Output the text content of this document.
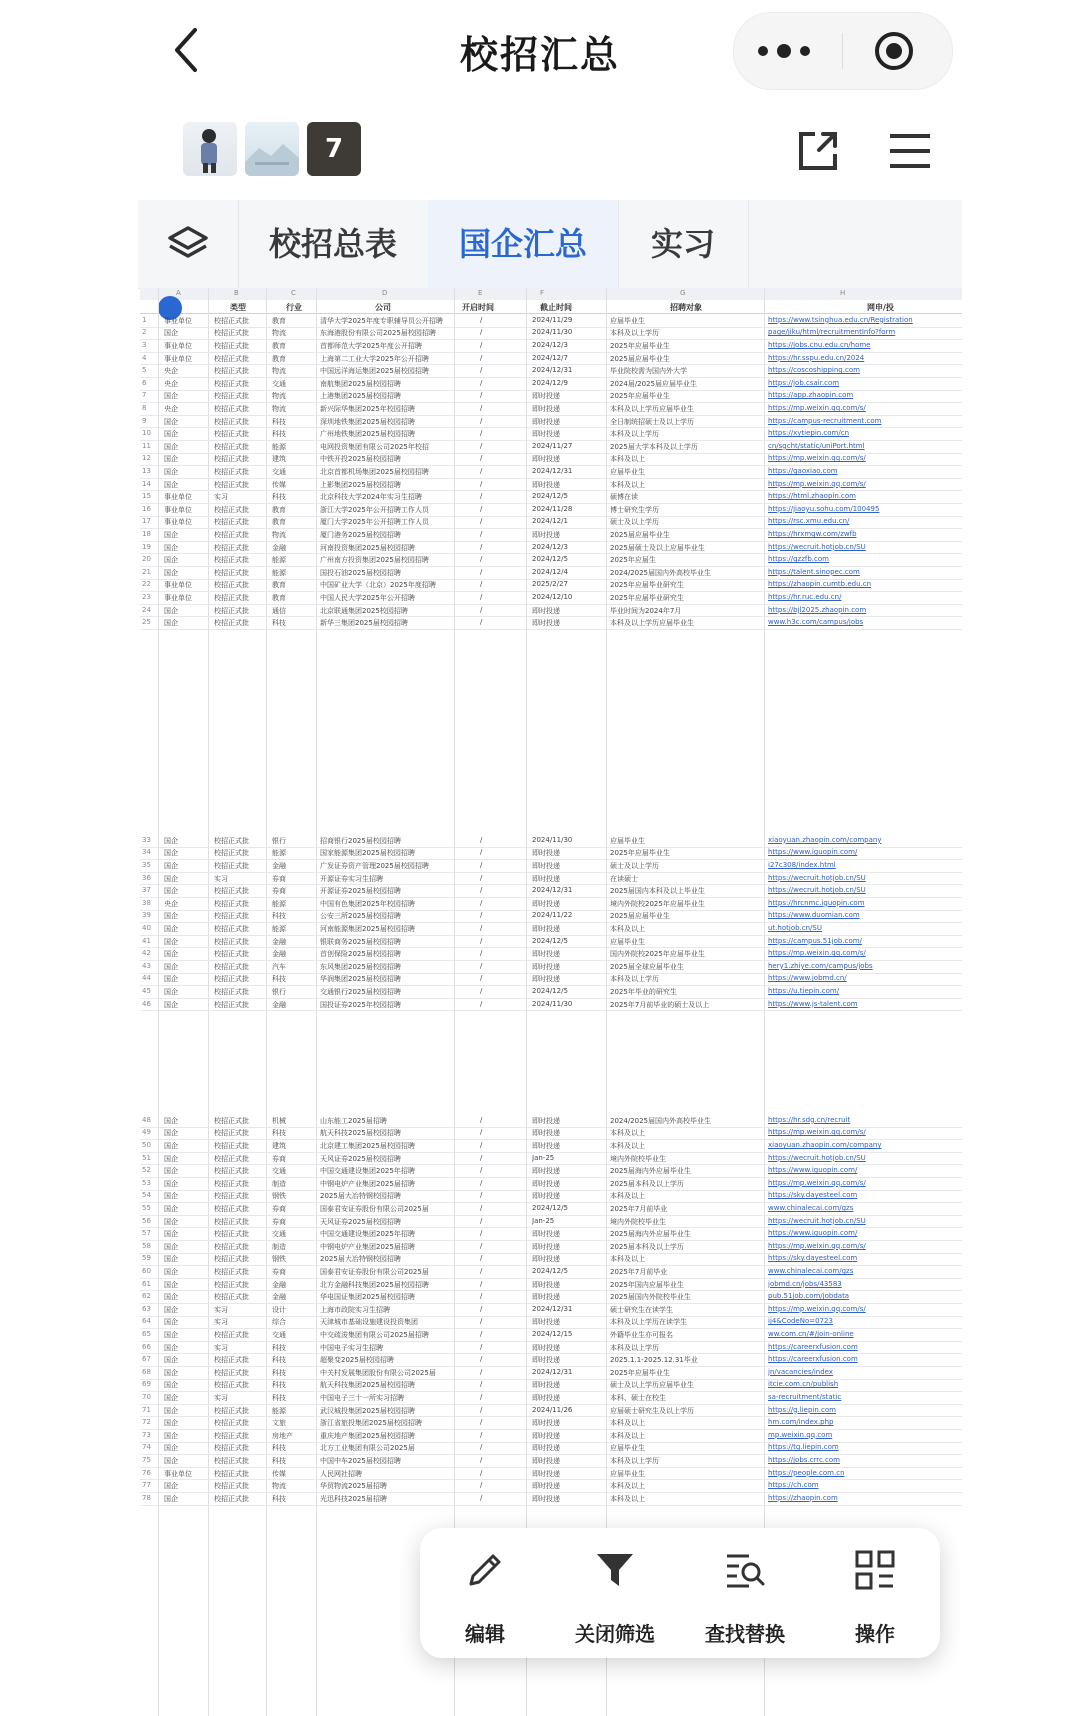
校招汇总
7
校招总表	国企汇总	实习
A	B	C	D	E	F	G	H
类型	行业	公司	开启时间	截止时间	招聘对象	网申/投
1	事业单位	校招正式批	教育	清华大学2025年度专职辅导员公开招聘	/	2024/11/29	应届毕业生	https://www.tsinghua.edu.cn/Registration
2	国企	校招正式批	物流	东海港股份有限公司2025届校园招聘	/	2024/11/30	本科及以上学历	page/jiku/html/recruitmentInfo?form
3	事业单位	校招正式批	教育	首都师范大学2025年度公开招聘	/	2024/12/3	2025年应届毕业生	https://jobs.cnu.edu.cn/home
4	事业单位	校招正式批	教育	上海第二工业大学2025年公开招聘	/	2024/12/7	2025届应届毕业生	https://hr.sspu.edu.cn/2024
5	央企	校招正式批	物流	中国远洋海运集团2025届校园招聘	/	2024/12/31	毕业院校需为国内外大学	https://coscoshipping.com
6	央企	校招正式批	交通	南航集团2025届校园招聘	/	2024/12/9	2024届/2025届应届毕业生	https://job.csair.com
7	国企	校招正式批	物流	上港集团2025届校园招聘	/	即时投递	2025年应届毕业生	https://app.zhaopin.com
8	央企	校招正式批	物流	新兴际华集团2025年校园招聘	/	即时投递	本科及以上学历应届毕业生	https://mp.weixin.qq.com/s/
9	国企	校招正式批	科技	深圳地铁集团2025届校园招聘	/	即时投递	全日制统招硕士及以上学历	https://campus-recruitment.com
10 国企	校招正式批	科技	广州地铁集团2025届校园招聘	/	即时投递	本科及以上学历	https://xytiepin.com/cn
11 国企	校招正式批	能源	电网投资集团有限公司2025年校招	/	2024/11/27	2025届大学本科及以上学历	cn/sgcht/static/uniPort.html
12 国企	校招正式批	建筑	中铁开投2025届校园招聘	/	即时投递	本科及以上	https://mp.weixin.qq.com/s/
13 国企	校招正式批	交通	北京首都机场集团2025届校园招聘	/	2024/12/31	应届毕业生	https://gaoxiao.com
14 国企	校招正式批	传媒	上影集团2025届校园招聘	/	即时投递	本科及以上	https://mp.weixin.qq.com/s/
15 事业单位	实习	科技	北京科技大学2024年实习生招聘	/	2024/12/5	硕博在读	https://html.zhaopin.com
16 事业单位	校招正式批	教育	浙江大学2025年公开招聘工作人员	/	2024/11/28	博士研究生学历	https://jiaoyu.sohu.com/100495
17 事业单位	校招正式批	教育	厦门大学2025年公开招聘工作人员	/	2024/12/1	硕士及以上学历	https://rsc.xmu.edu.cn/
18 国企	校招正式批	物流	厦门港务2025届校园招聘	/	即时投递	2025届应届毕业生	https://hrxmgw.com/zwfb
19 国企	校招正式批	金融	河南投资集团2025届校园招聘	/	2024/12/3	2025届硕士及以上应届毕业生	https://wecruit.hotjob.cn/SU
20 国企	校招正式批	能源	广州南方投资集团2025届校园招聘	/	2024/12/5	2025年应届生	https://gzzfb.com
21 国企	校招正式批	能源	国投石油2025届校园招聘	/	2024/12/4	2024/2025届国内外高校毕业生	https://talent.sinopec.com
22 事业单位	校招正式批	教育	中国矿业大学（北京）2025年度招聘	/	2025/2/27	2025年应届毕业研究生	https://zhaopin.cumtb.edu.cn
23 事业单位	校招正式批	教育	中国人民大学2025年公开招聘	/	2024/12/10	2025年应届毕业研究生	https://hr.ruc.edu.cn/
24 国企	校招正式批	通信	北京联通集团2025校园招聘	/	即时投递	毕业时间为2024年7月	https://bjl2025.zhaopin.com
25 国企	校招正式批	科技	新华三集团2025届校园招聘	/	即时投递	本科及以上学历应届毕业生	www.h3c.com/campus/jobs
33 国企	校招正式批	银行	招商银行2025届校园招聘	/	2024/11/30	应届毕业生	xiaoyuan.zhaopin.com/company
34 国企	校招正式批	能源	国家能源集团2025届校园招聘	/	即时投递	2025年应届毕业生	https://www.iguopin.com/
35 国企	校招正式批	金融	广发证券资产管理2025届校园招聘	/	即时投递	硕士及以上学历	i27c308/index.html
36 国企	实习	券商	开源证券实习生招聘	/	即时投递	在读硕士	https://wecruit.hotjob.cn/SU
37 国企	校招正式批	券商	开源证券2025届校园招聘	/	2024/12/31	2025届国内本科及以上毕业生	https://wecruit.hotjob.cn/SU
38 央企	校招正式批	能源	中国有色集团2025年校园招聘	/	即时投递	境内外院校2025年应届毕业生	https://hrcnmc.iguopin.com
39 国企	校招正式批	科技	公安三所2025届校园招聘	/	2024/11/22	2025届应届毕业生	https://www.duomian.com
40 国企	校招正式批	能源	河南能源集团2025届校园招聘	/	即时投递	本科及以上	ut.hotjob.cn/SU
41 国企	校招正式批	金融	银联商务2025届校园招聘	/	2024/12/5	应届毕业生	https://campus.51job.com/
42 国企	校招正式批	金融	首创保险2025届校园招聘	/	即时投递	国内外院校2025年应届毕业生	https://mp.weixin.qq.com/s/
43 国企	校招正式批	汽车	东风集团2025届校园招聘	/	即时投递	2025届全球应届毕业生	hery1.zhiye.com/campus/jobs
44 国企	校招正式批	科技	华润集团2025届校园招聘	/	即时投递	本科及以上学历	https://www.jobmd.cn/
45 国企	校招正式批	银行	交通银行2025届校园招聘	/	2024/12/5	2025年毕业的研究生	https://u.tiepin.com/
46 国企	校招正式批	金融	国投证券2025年校园招聘	/	2024/11/30	2025年7月前毕业的硕士及以上	https://www.js-talent.com
48 国企	校招正式批	机械	山东能工2025届招聘	/	即时投递	2024/2025届国内外高校毕业生	https://hr.sdg.cn/recruit
49 国企	校招正式批	科技	航天科技2025届校园招聘	/	即时投递	本科及以上	https://mp.weixin.qq.com/s/
50 国企	校招正式批	建筑	北京建工集团2025届校园招聘	/	即时投递	本科及以上	xiaoyuan.zhaopin.com/company
51 国企	校招正式批	券商	天风证券2025届校园招聘	/	Jan-25	境内外院校毕业生	https://wecruit.hotjob.cn/SU
52 国企	校招正式批	交通	中国交通建设集团2025年招聘	/	即时投递	2025届海内外应届毕业生	https://www.iguopin.com/
53 国企	校招正式批	制造	中钢电炉产业集团2025届招聘	/	即时投递	2025届本科及以上学历	https://mp.weixin.qq.com/s/
54 国企	校招正式批	钢铁	2025届大冶特钢校园招聘	/	即时投递	本科及以上	https://sky.dayesteel.com
55 国企	校招正式批	券商	国泰君安证券股份有限公司2025届	/	2024/12/5	2025年7月前毕业	www.chinalecai.com/gzs
56 国企	校招正式批	券商	天风证券2025届校园招聘	/	Jan-25	境内外院校毕业生	https://wecruit.hotjob.cn/SU
57 国企	校招正式批	交通	中国交通建设集团2025年招聘	/	即时投递	2025届海内外应届毕业生	https://www.iguopin.com/
58 国企	校招正式批	制造	中钢电炉产业集团2025届招聘	/	即时投递	2025届本科及以上学历	https://mp.weixin.qq.com/s/
59 国企	校招正式批	钢铁	2025届大冶特钢校园招聘	/	即时投递	本科及以上	https://sky.dayesteel.com
60 国企	校招正式批	券商	国泰君安证券股份有限公司2025届	/	2024/12/5	2025年7月前毕业	www.chinalecai.com/gzs
61 国企	校招正式批	金融	北方金融科技集团2025届校园招聘	/	即时投递	2025年国内应届毕业生	jobmd.cn/jobs/43583
62 国企	校招正式批	金融	华电国证集团2025届校园招聘	/	即时投递	2025届国内外院校毕业生	pub.51job.com/jobdata
63 国企	实习	设计	上海市政院实习生招聘	/	2024/12/31	硕士研究生在读学生	https://mp.weixin.qq.com/s/
64 国企	实习	综合	天津城市基础设施建设投资集团	/	即时投递	本科及以上学历在读学生	ij4&CodeNo=0723
65 国企	校招正式批	交通	中交疏浚集团有限公司2025届招聘	/	2024/12/15	外籍毕业生亦可报名	ww.com.cn/#/join-online
66 国企	实习	科技	中国电子实习生招聘	/	即时投递	本科及以上学历	https://careerxfusion.com
67 国企	校招正式批	科技	超聚变2025届校园招聘	/	即时投递	2025.1.1-2025.12.31毕业	https://careerxfusion.com
68 国企	校招正式批	科技	中关村发展集团股份有限公司2025届	/	2024/12/31	2025年应届毕业生	jn/vacancies/index
69 国企	校招正式批	科技	航天科技集团2025届校园招聘	/	即时投递	硕士及以上学历应届毕业生	itcie.com.cn/publish
70 国企	实习	科技	中国电子三十一所实习招聘	/	即时投递	本科、硕士在校生	sa-recruitment/static
71 国企	校招正式批	能源	武汉城投集团2025届校园招聘	/	2024/11/26	应届硕士研究生及以上学历	https://g.liepin.com
72 国企	校招正式批	文旅	浙江省旅投集团2025届校园招聘	/	即时投递	本科及以上	hm.com/index.php
73 国企	校招正式批	房地产	重庆地产集团2025届校园招聘	/	即时投递	本科及以上	mp.weixin.qq.com
74 国企	校招正式批	科技	北方工业集团有限公司2025届	/	即时投递	应届毕业生	https://tg.liepin.com
75 国企	校招正式批	科技	中国中车2025届校园招聘	/	即时投递	本科及以上学历	https://jobs.crrc.com
76 事业单位	校招正式批	传媒	人民网社招聘	/	即时投递	应届毕业生	https://people.com.cn
77 国企	校招正式批	物流	华贸物流2025届招聘	/	即时投递	本科及以上	https://ch.com
78 国企	校招正式批	科技	光迅科技2025届招聘	/	即时投递	本科及以上	https://zhaopin.com
编辑	关闭筛选	查找替换	操作
